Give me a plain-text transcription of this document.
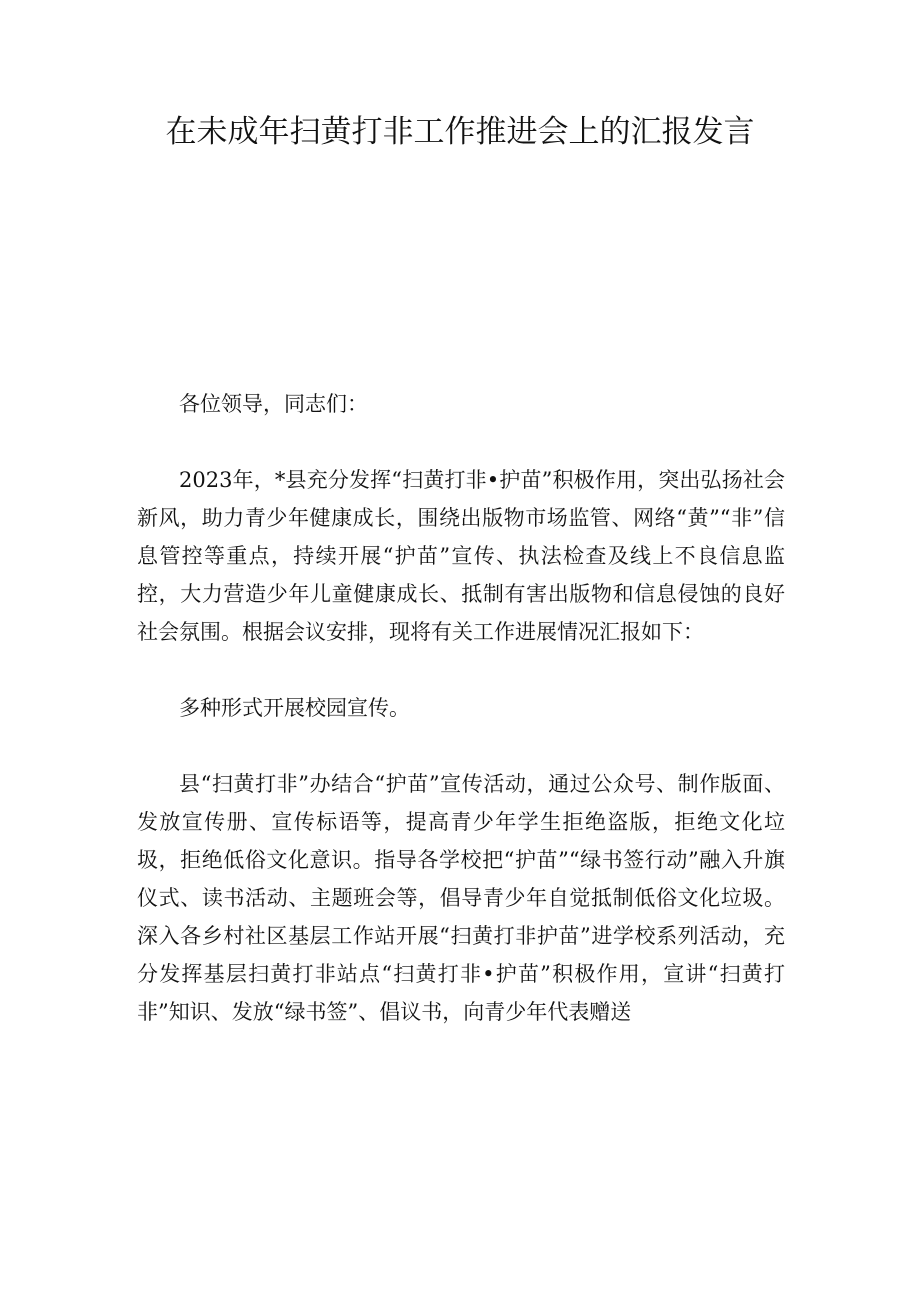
在未成年扫黄打非工作推进会上的汇报发言

各位领导，同志们：

2023年，*县充分发挥“扫黄打非•护苗”积极作用，突出弘扬社会新风，助力青少年健康成长，围绕出版物市场监管、网络“黄”“非”信息管控等重点，持续开展“护苗”宣传、执法检查及线上不良信息监控，大力营造少年儿童健康成长、抵制有害出版物和信息侵蚀的良好社会氛围。根据会议安排，现将有关工作进展情况汇报如下：

多种形式开展校园宣传。

县“扫黄打非”办结合“护苗”宣传活动，通过公众号、制作版面、发放宣传册、宣传标语等，提高青少年学生拒绝盗版，拒绝文化垃圾，拒绝低俗文化意识。指导各学校把“护苗”“绿书签行动”融入升旗仪式、读书活动、主题班会等，倡导青少年自觉抵制低俗文化垃圾。深入各乡村社区基层工作站开展“扫黄打非护苗”进学校系列活动，充分发挥基层扫黄打非站点“扫黄打非•护苗”积极作用，宣讲“扫黄打非”知识、发放“绿书签”、倡议书，向青少年代表赠送
